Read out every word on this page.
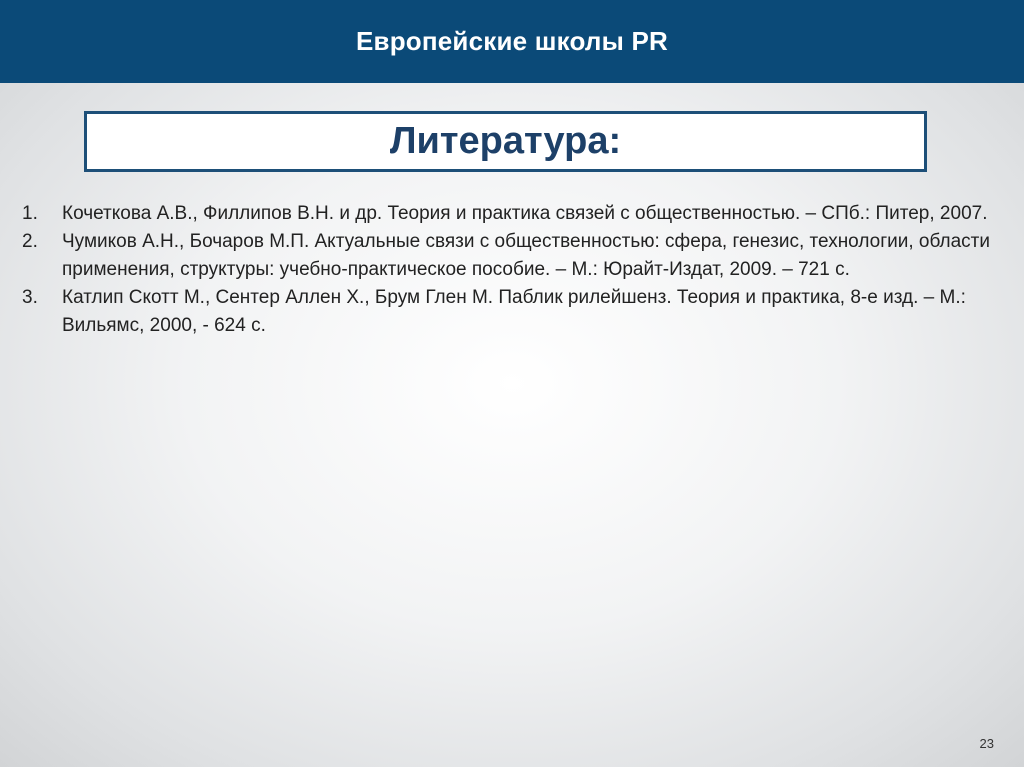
Европейские школы PR
Литература:
1.	Кочеткова А.В., Филлипов В.Н. и др. Теория и практика связей с общественностью. – СПб.: Питер, 2007.
2.	Чумиков А.Н., Бочаров М.П. Актуальные связи с общественностью: сфера, генезис, технологии, области применения, структуры: учебно-практическое пособие. – М.: Юрайт-Издат, 2009. – 721 с.
3.	Катлип Скотт М., Сентер Аллен Х., Брум Глен М. Паблик рилейшенз. Теория и практика, 8-е изд. – М.: Вильямс, 2000, - 624 с.
23
